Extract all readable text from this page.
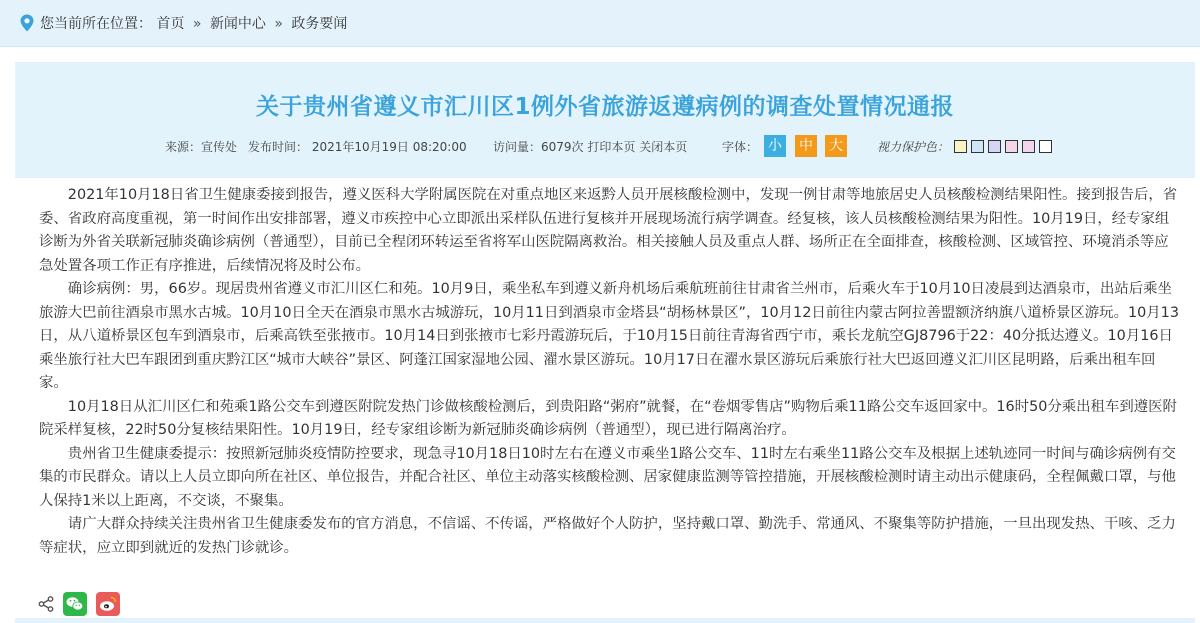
您当前所在位置： 首页 » 新闻中心 » 政务要闻
关于贵州省遵义市汇川区1例外省旅游返遵病例的调查处置情况通报
来源：宣传处 发布时间： 2021年10月19日 08:20:00 访问量：6079次 打印本页 关闭本页	字体： 小 中 大	视力保护色：

2021年10月18日省卫生健康委接到报告，遵义医科大学附属医院在对重点地区来返黔人员开展核酸检测中，发现一例甘肃等地旅居史人员核酸检测结果阳性。接到报告后，省委、省政府高度重视，第一时间作出安排部署，遵义市疾控中心立即派出采样队伍进行复核并开展现场流行病学调查。经复核，该人员核酸检测结果为阳性。10月19日，经专家组诊断为外省关联新冠肺炎确诊病例（普通型），目前已全程闭环转运至省将军山医院隔离救治。相关接触人员及重点人群、场所正在全面排查，核酸检测、区域管控、环境消杀等应急处置各项工作正有序推进，后续情况将及时公布。

确诊病例：男，66岁。现居贵州省遵义市汇川区仁和苑。10月9日，乘坐私车到遵义新舟机场后乘航班前往甘肃省兰州市，后乘火车于10月10日凌晨到达酒泉市，出站后乘坐旅游大巴前往酒泉市黑水古城。10月10日全天在酒泉市黑水古城游玩，10月11日到酒泉市金塔县“胡杨林景区”，10月12日前往内蒙古阿拉善盟额济纳旗八道桥景区游玩。10月13日，从八道桥景区包车到酒泉市，后乘高铁至张掖市。10月14日到张掖市七彩丹霞游玩后，于10月15日前往青海省西宁市，乘长龙航空GJ8796于22：40分抵达遵义。10月16日乘坐旅行社大巴车跟团到重庆黔江区“城市大峡谷”景区、阿蓬江国家湿地公园、濯水景区游玩。10月17日在濯水景区游玩后乘旅行社大巴返回遵义汇川区昆明路，后乘出租车回家。

10月18日从汇川区仁和苑乘1路公交车到遵医附院发热门诊做核酸检测后，到贵阳路“粥府”就餐，在“卷烟零售店”购物后乘11路公交车返回家中。16时50分乘出租车到遵医附院采样复核，22时50分复核结果阳性。10月19日，经专家组诊断为新冠肺炎确诊病例（普通型），现已进行隔离治疗。

贵州省卫生健康委提示：按照新冠肺炎疫情防控要求，现急寻10月18日10时左右在遵义市乘坐1路公交车、11时左右乘坐11路公交车及根据上述轨迹同一时间与确诊病例有交集的市民群众。请以上人员立即向所在社区、单位报告，并配合社区、单位主动落实核酸检测、居家健康监测等管控措施，开展核酸检测时请主动出示健康码，全程佩戴口罩，与他人保持1米以上距离，不交谈，不聚集。

请广大群众持续关注贵州省卫生健康委发布的官方消息，不信谣、不传谣，严格做好个人防护，坚持戴口罩、勤洗手、常通风、不聚集等防护措施，一旦出现发热、干咳、乏力等症状，应立即到就近的发热门诊就诊。
